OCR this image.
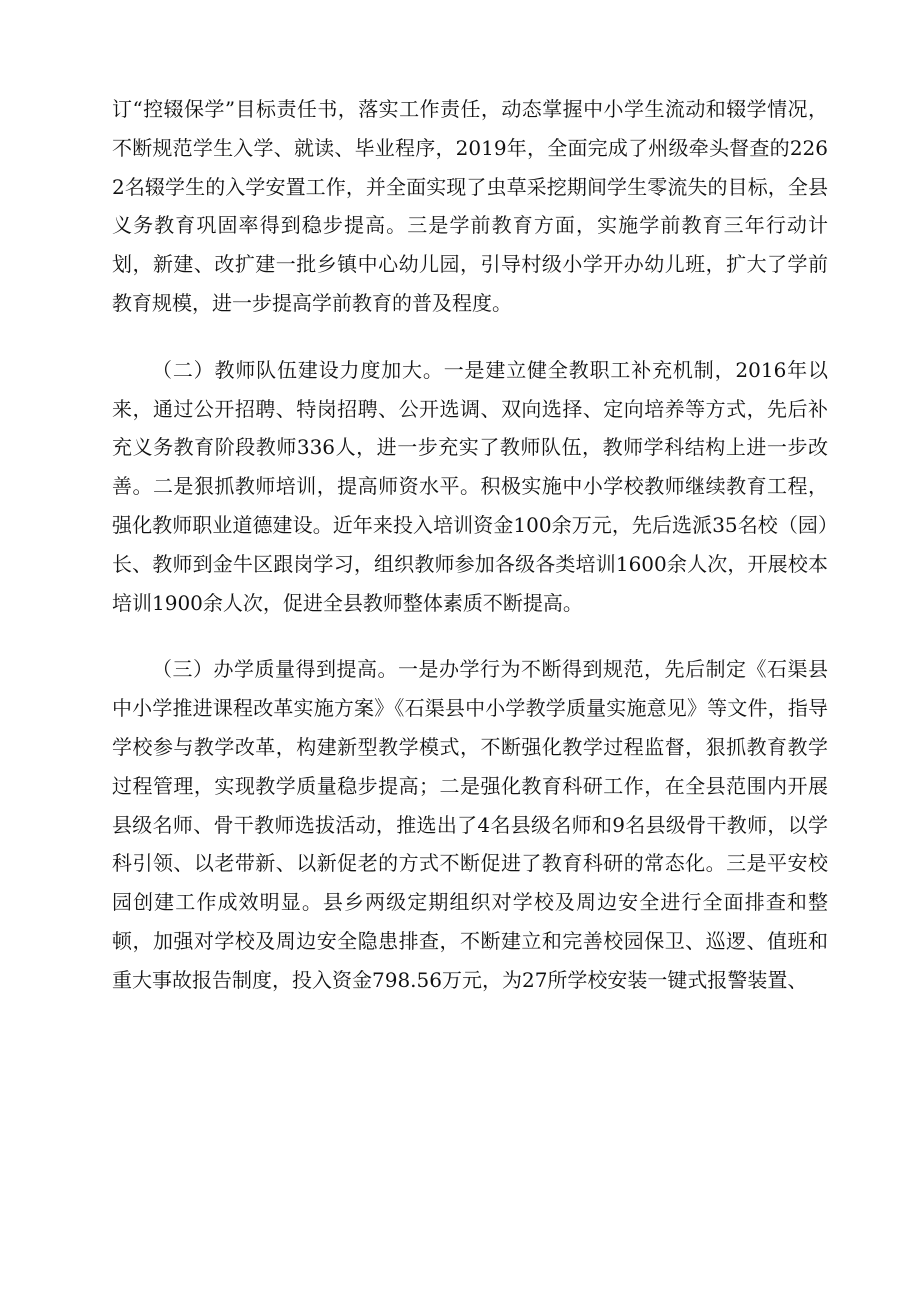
订“控辍保学”目标责任书，落实工作责任，动态掌握中小学生流动和辍学情况，不断规范学生入学、就读、毕业程序，2019年，全面完成了州级牵头督查的2262名辍学生的入学安置工作，并全面实现了虫草采挖期间学生零流失的目标，全县义务教育巩固率得到稳步提高。三是学前教育方面，实施学前教育三年行动计划，新建、改扩建一批乡镇中心幼儿园，引导村级小学开办幼儿班，扩大了学前教育规模，进一步提高学前教育的普及程度。

（二）教师队伍建设力度加大。一是建立健全教职工补充机制，2016年以来，通过公开招聘、特岗招聘、公开选调、双向选择、定向培养等方式，先后补充义务教育阶段教师336人，进一步充实了教师队伍，教师学科结构上进一步改善。二是狠抓教师培训，提高师资水平。积极实施中小学校教师继续教育工程，强化教师职业道德建设。近年来投入培训资金100余万元，先后选派35名校（园）长、教师到金牛区跟岗学习，组织教师参加各级各类培训1600余人次，开展校本培训1900余人次，促进全县教师整体素质不断提高。

（三）办学质量得到提高。一是办学行为不断得到规范，先后制定《石渠县中小学推进课程改革实施方案》《石渠县中小学教学质量实施意见》等文件，指导学校参与教学改革，构建新型教学模式，不断强化教学过程监督，狠抓教育教学过程管理，实现教学质量稳步提高；二是强化教育科研工作，在全县范围内开展县级名师、骨干教师选拔活动，推选出了4名县级名师和9名县级骨干教师，以学科引领、以老带新、以新促老的方式不断促进了教育科研的常态化。三是平安校园创建工作成效明显。县乡两级定期组织对学校及周边安全进行全面排查和整顿，加强对学校及周边安全隐患排查，不断建立和完善校园保卫、巡逻、值班和重大事故报告制度，投入资金798.56万元，为27所学校安装一键式报警装置、
